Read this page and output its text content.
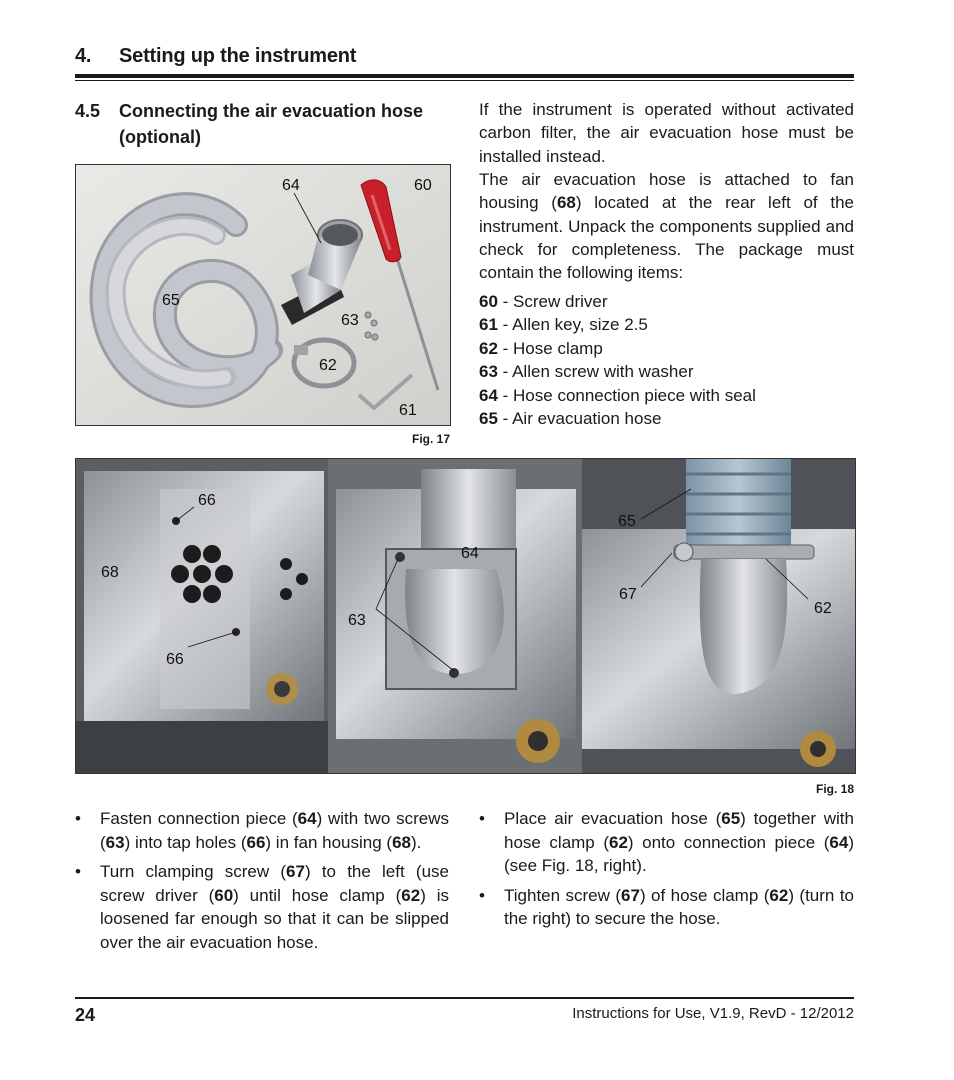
4. Setting up the instrument
4.5 Connecting the air evacuation hose (optional)
If the instrument is operated without activated carbon filter, the air evacuation hose must be installed instead.
The air evacuation hose is attached to fan housing (68) located at the rear left of the instrument. Unpack the components supplied and check for completeness. The package must contain the following items:
60 - Screw driver
61 - Allen key, size 2.5
62 - Hose clamp
63 - Allen screw with washer
64 - Hose connection piece with seal
65 - Air evacuation hose
64	60
65
63
62
61
Fig. 17
66
68
66
64
63
65
67
62
Fig. 18
• Fasten connection piece (64) with two screws (63) into tap holes (66) in fan housing (68).
• Turn clamping screw (67) to the left (use screw driver (60) until hose clamp (62) is loosened far enough so that it can be slipped over the air evacuation hose.
• Place air evacuation hose (65) together with hose clamp (62) onto connection piece (64) (see Fig. 18, right).
• Tighten screw (67) of hose clamp (62) (turn to the right) to secure the hose.
24	Instructions for Use, V1.9, RevD - 12/2012
